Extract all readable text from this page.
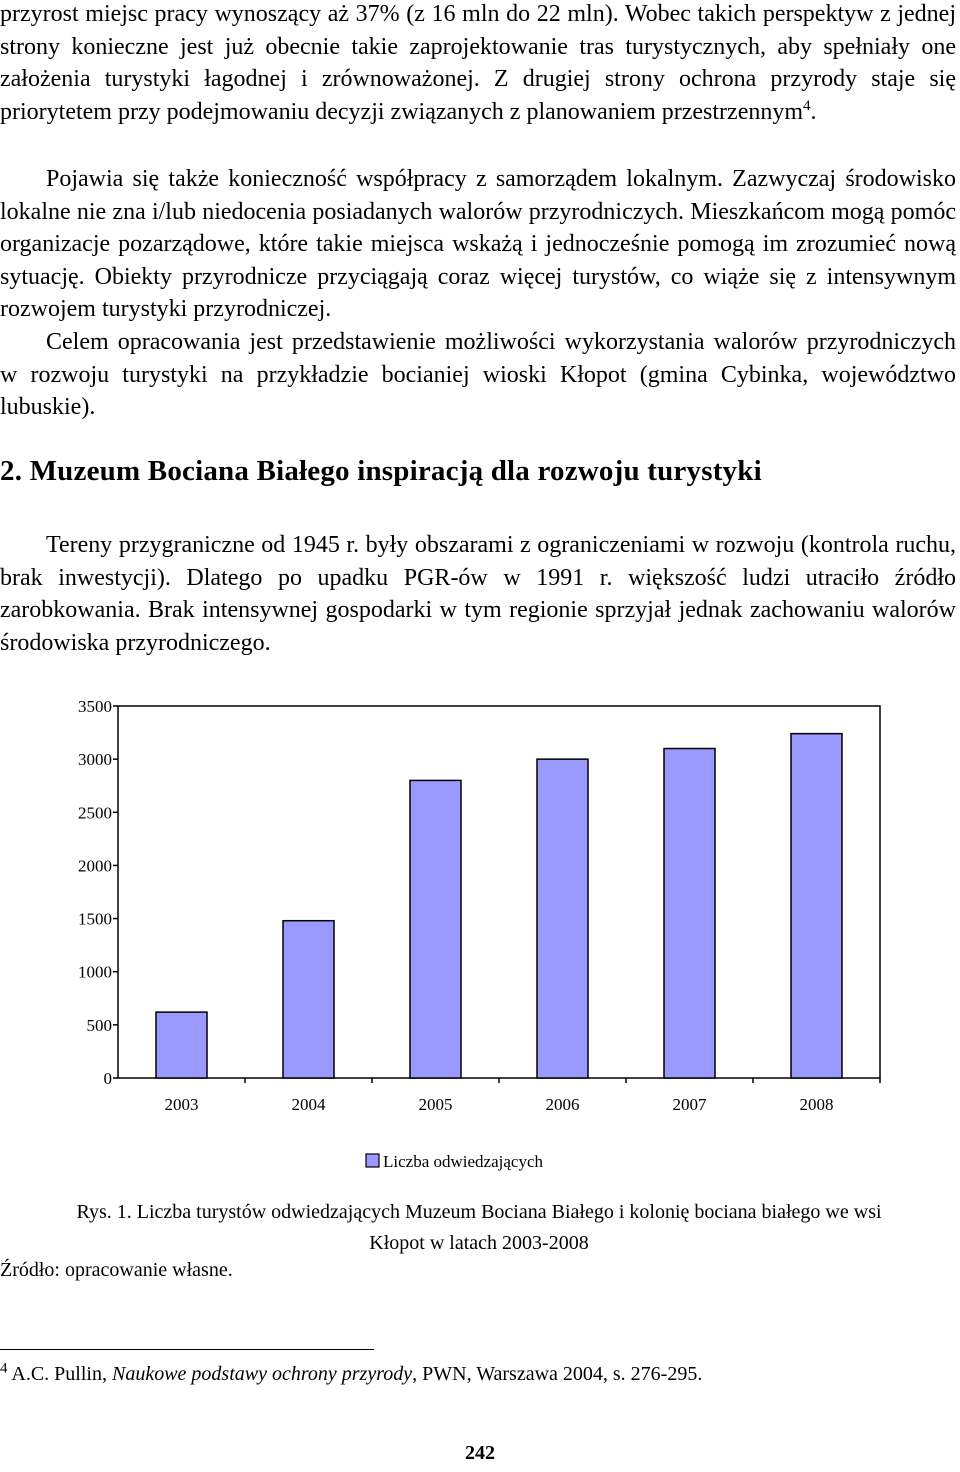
przyrost miejsc pracy wynoszący aż 37% (z 16 mln do 22 mln). Wobec takich perspektyw z jednej strony konieczne jest już obecnie takie zaprojektowanie tras turystycznych, aby spełniały one założenia turystyki łagodnej i zrównoważonej. Z drugiej strony ochrona przyrody staje się priorytetem przy podejmowaniu decyzji związanych z planowaniem przestrzennym$^4$.

Pojawia się także konieczność współpracy z samorządem lokalnym. Zazwyczaj środowisko lokalne nie zna i/lub niedocenia posiadanych walorów przyrodniczych. Mieszkańcom mogą pomóc organizacje pozarządowe, które takie miejsca wskażą i jednocześnie pomogą im zrozumieć nową sytuację. Obiekty przyrodnicze przyciągają coraz więcej turystów, co wiąże się z intensywnym rozwojem turystyki przyrodniczej.

Celem opracowania jest przedstawienie możliwości wykorzystania walorów przyrodniczych w rozwoju turystyki na przykładzie bocianiej wioski Kłopot (gmina Cybinka, województwo lubuskie).

2. Muzeum Bociana Białego inspiracją dla rozwoju turystyki

Tereny przygraniczne od 1945 r. były obszarami z ograniczeniami w rozwoju (kontrola ruchu, brak inwestycji). Dlatego po upadku PGR-ów w 1991 r. większość ludzi utraciło źródło zarobkowania. Brak intensywnej gospodarki w tym regionie sprzyjał jednak zachowaniu walorów środowiska przyrodniczego.

0
500
1000
1500
2000
2500
3000
3500
2003	2004	2005	2006	2007	2008
Liczba odwiedzających
Rys. 1. Liczba turystów odwiedzających Muzeum Bociana Białego i kolonię bociana białego we wsi
Kłopot w latach 2003-2008
Źródło: opracowanie własne.
$^4$ A.C. Pullin, Naukowe podstawy ochrony przyrody, PWN, Warszawa 2004, s. 276-295.
242
